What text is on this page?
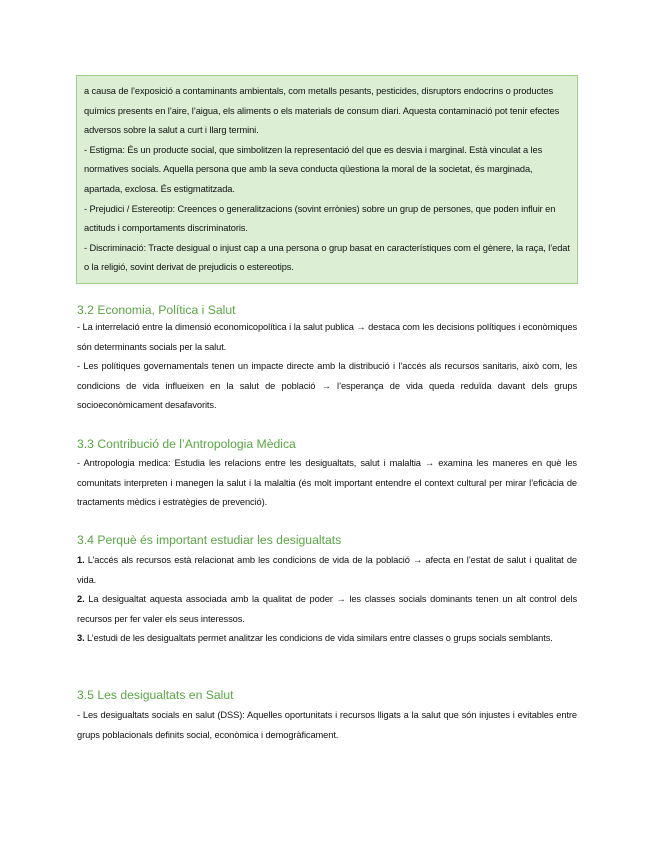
a causa de l’exposició a contaminants ambientals, com metalls pesants, pesticides, disruptors endocrins o productes químics presents en l’aire, l’aigua, els aliments o els materials de consum diari. Aquesta contaminació pot tenir efectes adversos sobre la salut a curt i llarg termini.

- Estigma: És un producte social, que simbolitzen la representació del que es desvia i marginal. Està vinculat a les normatives socials. Aquella persona que amb la seva conducta qüestiona la moral de la societat, és marginada, apartada, exclosa. És estigmatitzada.

- Prejudici / Estereotip: Creences o generalitzacions (sovint errònies) sobre un grup de persones, que poden influir en actituds i comportaments discriminatoris.

- Discriminació: Tracte desigual o injust cap a una persona o grup basat en característiques com el gènere, la raça, l’edat o la religió, sovint derivat de prejudicis o estereotips.

3.2 Economia, Política i Salut

- La interrelació entre la dimensió economicopolítica i la salut publica → destaca com les decisions polítiques i econòmiques són determinants socials per la salut.

- Les polítiques governamentals tenen un impacte directe amb la distribució i l’accés als recursos sanitaris, això com, les condicions de vida influeixen en la salut de població → l’esperança de vida queda reduïda davant dels grups socioeconòmicament desafavorits.

3.3 Contribució de l’Antropologia Mèdica

- Antropologia medica: Estudia les relacions entre les desigualtats, salut i malaltia → examina les maneres en què les comunitats interpreten i manegen la salut i la malaltia (és molt important entendre el context cultural per mirar l’eficàcia de tractaments mèdics i estratègies de prevenció).

3.4 Perquè és important estudiar les desigualtats

1. L’accés als recursos està relacionat amb les condicions de vida de la població → afecta en l’estat de salut i qualitat de vida.

2. La desigualtat aquesta associada amb la qualitat de poder → les classes socials dominants tenen un alt control dels recursos per fer valer els seus interessos.

3. L’estudi de les desigualtats permet analitzar les condicions de vida similars entre classes o grups socials semblants.

3.5 Les desigualtats en Salut

- Les desigualtats socials en salut (DSS): Aquelles oportunitats i recursos lligats a la salut que són injustes i evitables entre grups poblacionals definits social, econòmica i demogràficament.
